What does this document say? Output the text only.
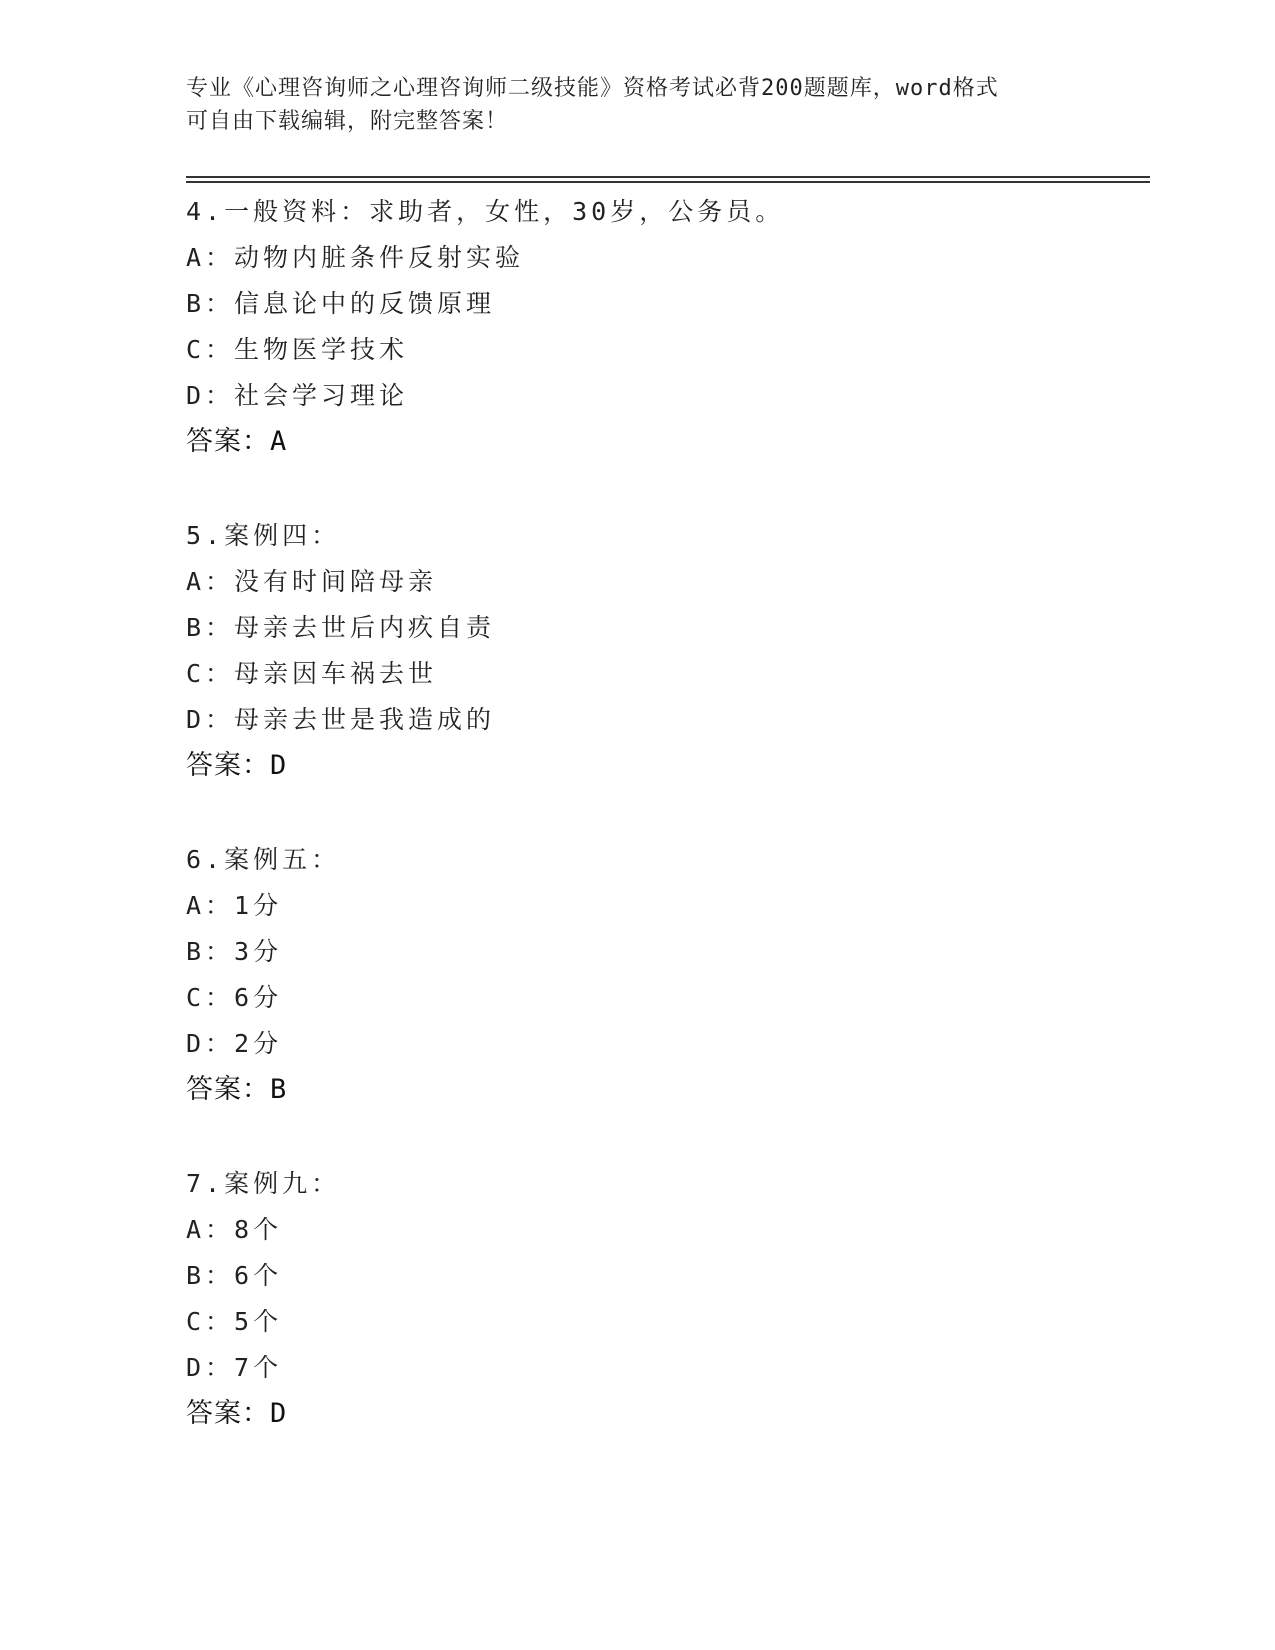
专业《心理咨询师之心理咨询师二级技能》资格考试必背200题题库，word格式
可自由下载编辑，附完整答案！
4.一般资料：求助者，女性，30岁，公务员。
A：动物内脏条件反射实验
B：信息论中的反馈原理
C：生物医学技术
D：社会学习理论
答案：A
5.案例四：
A：没有时间陪母亲
B：母亲去世后内疚自责
C：母亲因车祸去世
D：母亲去世是我造成的
答案：D
6.案例五：
A：1分
B：3分
C：6分
D：2分
答案：B
7.案例九：
A：8个
B：6个
C：5个
D：7个
答案：D
